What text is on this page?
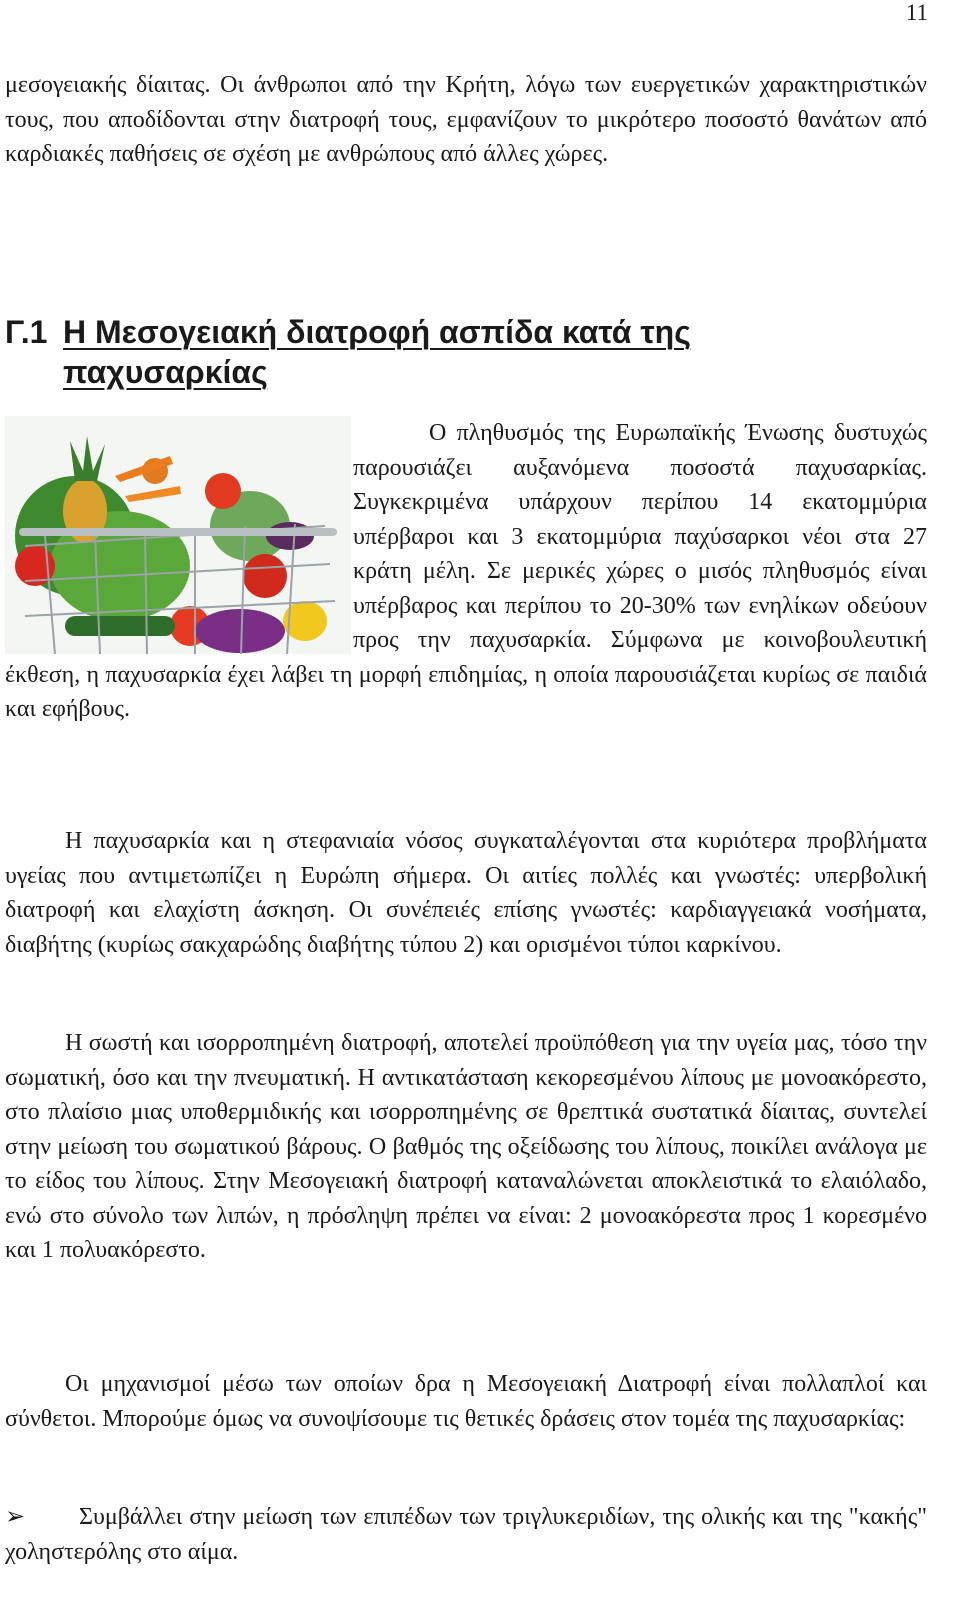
11
μεσογειακής δίαιτας. Οι άνθρωποι από την Κρήτη, λόγω των ευεργετικών χαρακτηριστικών τους, που αποδίδονται στην διατροφή τους, εμφανίζουν το μικρότερο ποσοστό θανάτων από καρδιακές παθήσεις σε σχέση με ανθρώπους από άλλες χώρες.
Γ.1 Η Μεσογειακή διατροφή ασπίδα κατά της
παχυσαρκίας
Ο πληθυσμός της Ευρωπαϊκής Ένωσης δυστυχώς παρουσιάζει αυξανόμενα ποσοστά παχυσαρκίας. Συγκεκριμένα υπάρχουν περίπου 14 εκατομμύρια υπέρβαροι και 3 εκατομμύρια παχύσαρκοι νέοι στα 27 κράτη μέλη. Σε μερικές χώρες ο μισός πληθυσμός είναι υπέρβαρος και περίπου το 20-30% των ενηλίκων οδεύουν προς την παχυσαρκία. Σύμφωνα με κοινοβουλευτική έκθεση, η παχυσαρκία έχει λάβει τη μορφή επιδημίας, η οποία παρουσιάζεται κυρίως σε παιδιά και εφήβους.
Η παχυσαρκία και η στεφανιαία νόσος συγκαταλέγονται στα κυριότερα προβλήματα υγείας που αντιμετωπίζει η Ευρώπη σήμερα. Οι αιτίες πολλές και γνωστές: υπερβολική διατροφή και ελαχίστη άσκηση. Οι συνέπειές επίσης γνωστές: καρδιαγγειακά νοσήματα, διαβήτης (κυρίως σακχαρώδης διαβήτης τύπου 2) και ορισμένοι τύποι καρκίνου.
Η σωστή και ισορροπημένη διατροφή, αποτελεί προϋπόθεση για την υγεία μας, τόσο την σωματική, όσο και την πνευματική. Η αντικατάσταση κεκορεσμένου λίπους με μονοακόρεστο, στο πλαίσιο μιας υποθερμιδικής και ισορροπημένης σε θρεπτικά συστατικά δίαιτας, συντελεί στην μείωση του σωματικού βάρους. Ο βαθμός της οξείδωσης του λίπους, ποικίλει ανάλογα με το είδος του λίπους. Στην Μεσογειακή διατροφή καταναλώνεται αποκλειστικά το ελαιόλαδο, ενώ στο σύνολο των λιπών, η πρόσληψη πρέπει να είναι: 2 μονοακόρεστα προς 1 κορεσμένο και 1 πολυακόρεστο.
Οι μηχανισμοί μέσω των οποίων δρα η Μεσογειακή Διατροφή είναι πολλαπλοί και σύνθετοι. Μπορούμε όμως να συνοψίσουμε τις θετικές δράσεις στον τομέα της παχυσαρκίας:
➢ Συμβάλλει στην μείωση των επιπέδων των τριγλυκεριδίων, της ολικής και της "κακής" χοληστερόλης στο αίμα.
